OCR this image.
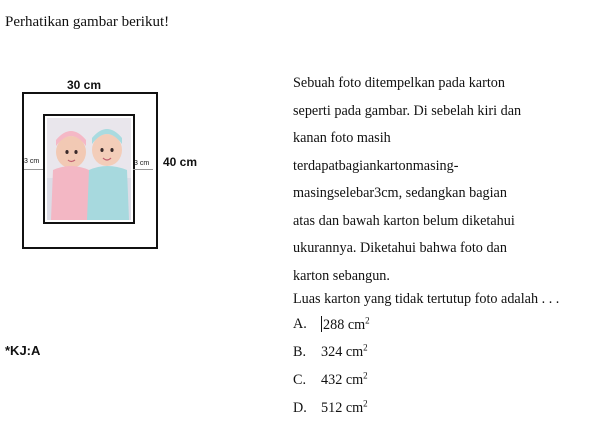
Perhatikan gambar berikut!
30 cm
3 cm	3 cm 40 cm
Sebuah foto ditempelkan pada karton
seperti pada gambar. Di sebelah kiri dan
kanan foto masih
terdapatbagiankartonmasing-
masingselebar3cm, sedangkan bagian
atas dan bawah karton belum diketahui
ukurannya. Diketahui bahwa foto dan
karton sebangun.
Luas karton yang tidak tertutup foto adalah . . .
A.	288 $cm^2$
B.	324 $cm^2$
C.	432 $cm^2$
D.	512 $cm^2$
*KJ:A
